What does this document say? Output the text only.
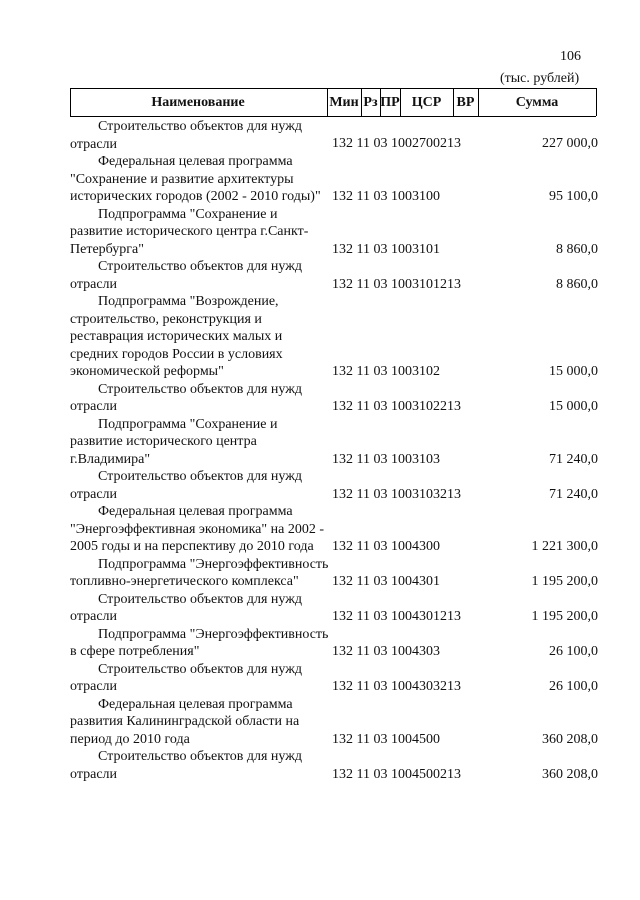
106
(тыс. рублей)
Наименование	Мин Рз ПР ЦСР	ВР	Сумма
Строительство объектов для нужд отрасли	132 11 03 1002700213	227 000,0
Федеральная целевая программа "Сохранение и развитие архитектуры исторических городов (2002 - 2010 годы)" 132 11 03 1003100	95 100,0
Подпрограмма "Сохранение и развитие исторического центра г.Санкт-Петербурга"	132 11 03 1003101	8 860,0
Строительство объектов для нужд отрасли	132 11 03 1003101213	8 860,0
Подпрограмма "Возрождение, строительство, реконструкция и реставрация исторических малых и средних городов России в условиях экономической реформы"	132 11 03 1003102	15 000,0
Строительство объектов для нужд отрасли	132 11 03 1003102213	15 000,0
Подпрограмма "Сохранение и развитие исторического центра г.Владимира"	132 11 03 1003103	71 240,0
Строительство объектов для нужд отрасли	132 11 03 1003103213	71 240,0
Федеральная целевая программа "Энергоэффективная экономика" на 2002 - 2005 годы и на перспективу до 2010 года	132 11 03 1004300	1 221 300,0
Подпрограмма "Энергоэффективность топливно-энергетического комплекса"	132 11 03 1004301	1 195 200,0
Строительство объектов для нужд отрасли	132 11 03 1004301213	1 195 200,0
Подпрограмма "Энергоэффективность в сфере потребления"	132 11 03 1004303	26 100,0
Строительство объектов для нужд отрасли	132 11 03 1004303213	26 100,0
Федеральная целевая программа развития Калининградской области на период до 2010 года	132 11 03 1004500	360 208,0
Строительство объектов для нужд отрасли	132 11 03 1004500213	360 208,0
